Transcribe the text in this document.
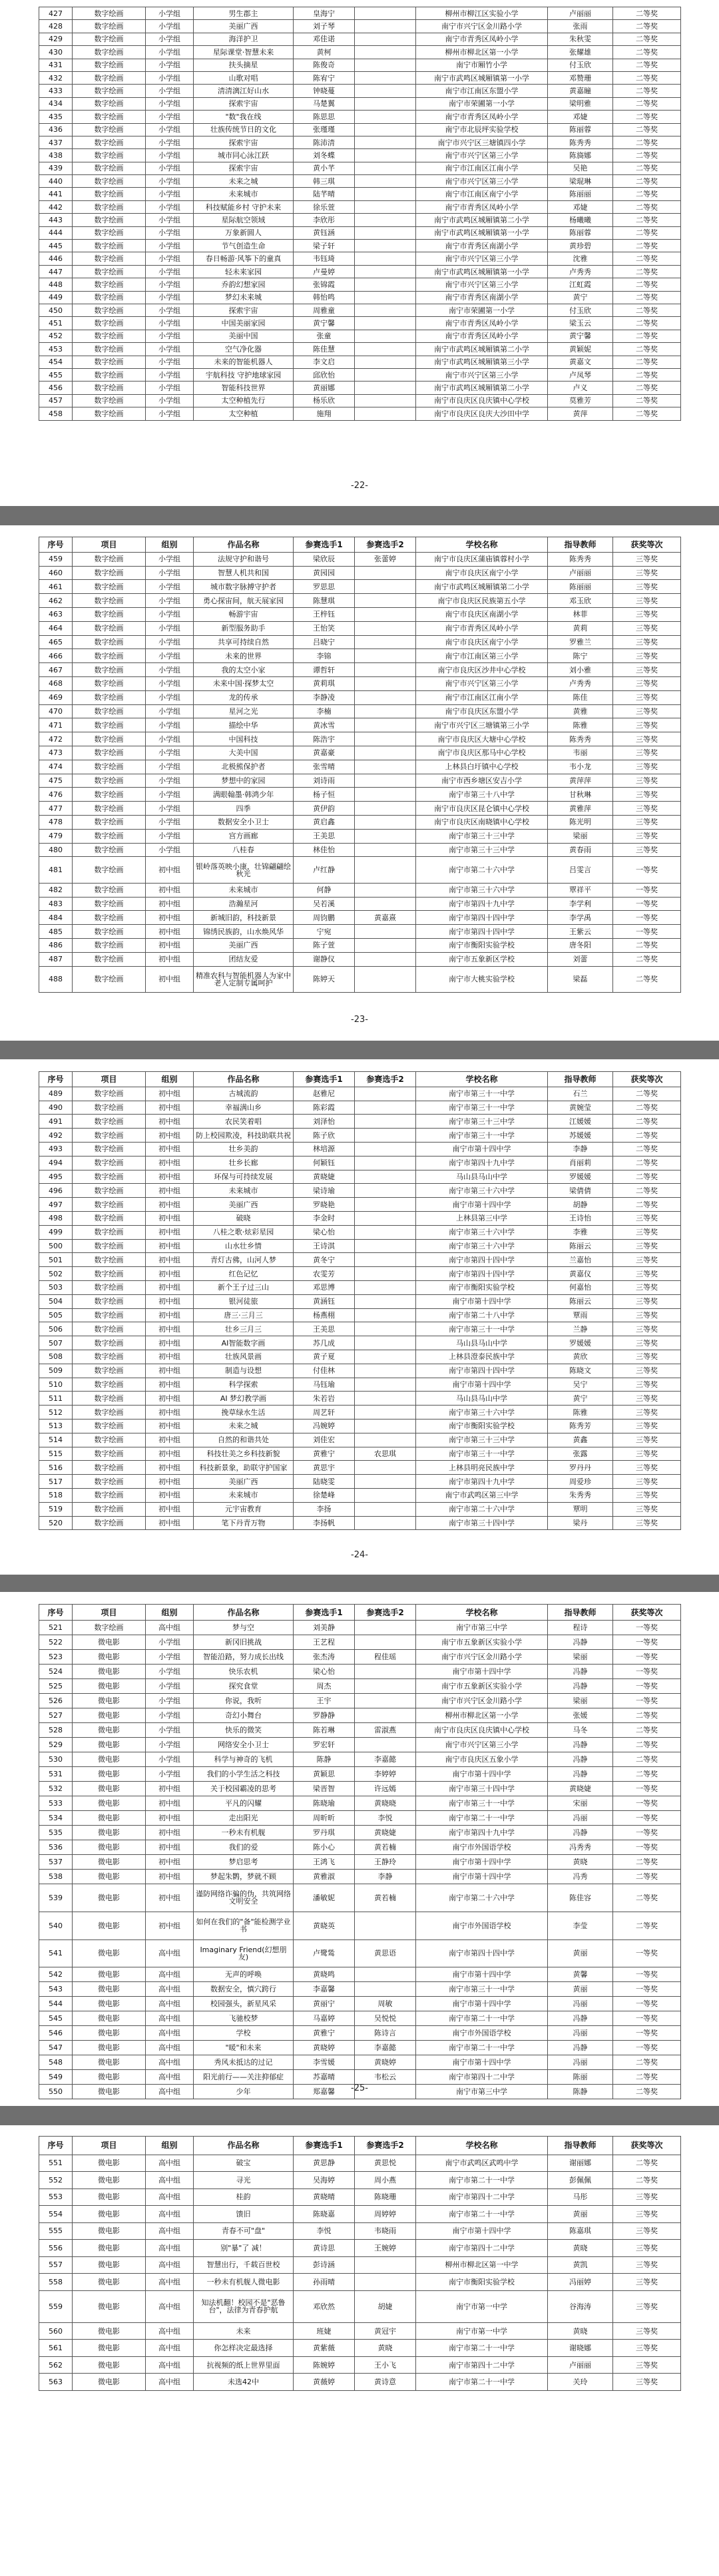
427	数字绘画	小学组	男生郡主	皇海宁		柳州市柳江区实验小学	卢丽丽	二等奖
428	数字绘画	小学组	美丽广西	刘子琴		南宁市兴宁区金川路小学	张雨	二等奖
429	数字绘画	小学组	海洋护卫	邓佳诺		南宁市青秀区凤岭小学	朱秋雯	二等奖
430	数字绘画	小学组	星际课堂·智慧未来	黄柯		柳州市柳北区第一小学	张耀雄	二等奖
431	数字绘画	小学组	扶头摘星	陈俊奇		南宁市厢竹小学	付玉欣	二等奖
432	数字绘画	小学组	山歌对唱	陈宥宁		南宁市武鸣区城厢镇第一小学	邓赞珊	二等奖
433	数字绘画	小学组	清清漓江好山水	钟晓蔓		南宁市江南区东盟小学	黄嘉瞳	二等奖
434	数字绘画	小学组	探索宇宙	马楚翼		南宁市荣圃第一小学	梁明雅	二等奖
435	数字绘画	小学组	"数"我在线	陈思思		南宁市青秀区凤岭小学	邓婕	二等奖
436	数字绘画	小学组	壮族传统节日的文化	张瑾瑾		南宁市北辰坪实验学校	陈丽蓉	二等奖
437	数字绘画	小学组	探索宇宙	陈沛清		南宁市兴宁区三塘镇四小学	陈秀秀	二等奖
438	数字绘画	小学组	城市同心泳江跃	刘冬蝶		南宁市兴宁区第三小学	陈旖娜	二等奖
439	数字绘画	小学组	探索宇宙	黄小芊		南宁市江南区江南小学	吴艳	二等奖
440	数字绘画	小学组	未来之城	韩三琪		南宁市兴宁区第三小学	梁琨琳	二等奖
441	数字绘画	小学组	未来城市	陆芊晴		南宁市江南区南宁小学	陈丽丽	二等奖
442	数字绘画	小学组	科技赋能乡村 守护未来	徐乐萱		南宁市青秀区凤岭小学	邓婕	二等奖
443	数字绘画	小学组	星际航空领域	李欣彤		南宁市武鸣区城厢镇第二小学	杨曦曦	二等奖
444	数字绘画	小学组	万象新圆人	黄钰涵		南宁市武鸣区城厢镇第一小学	陈丽蓉	二等奖
445	数字绘画	小学组	节气创造生命	梁子轩		南宁市青秀区南湖小学	黄珍碧	二等奖
446	数字绘画	小学组	春日畅游·风筝下的童真	韦钰琦		南宁市兴宁区第三小学	沈雅	二等奖
447	数字绘画	小学组	轻未来家园	卢曼婷		南宁市武鸣区城厢镇第一小学	卢秀秀	二等奖
448	数字绘画	小学组	乔韵幻想家园	张锦霞		南宁市兴宁区第三小学	江虹霞	二等奖
449	数字绘画	小学组	梦幻未来城	韩怡鸣		南宁市青秀区南湖小学	黄宁	二等奖
450	数字绘画	小学组	探索宇宙	周雅童		南宁市荣圃第一小学	付玉欣	二等奖
451	数字绘画	小学组	中国美丽家园	黄宁馨		南宁市青秀区凤岭小学	梁玉云	二等奖
452	数字绘画	小学组	美丽中国	张童		南宁市青秀区凤岭小学	黄宁馨	二等奖
453	数字绘画	小学组	空气净化器	陈佳慧		南宁市武鸣区城厢镇第二小学	黄颖妮	二等奖
454	数字绘画	小学组	未来的智能机器人	李文启		南宁市武鸣区城厢镇第三小学	黄嘉文	二等奖
455	数字绘画	小学组	宇航科技 守护地球家园	邱欣怡		南宁市兴宁区第三小学	卢凤琴	二等奖
456	数字绘画	小学组	智能科技世界	黄丽娜		南宁市武鸣区城厢镇第二小学	卢义	二等奖
457	数字绘画	小学组	太空种植先行	杨乐欣		南宁市良庆区良庆镇中心学校	莫雅芳	二等奖
458	数字绘画	小学组	太空种植	施翔		南宁市良庆区良庆大沙田中学	黄萍	二等奖
-22-
序号	项目	组别	作品名称	参赛选手1	参赛选手2	学校名称	指导教师	获奖等次
459	数字绘画	小学组	法规守护和谐号	梁欣辰	张蕾婷	南宁市良庆区蒲庙镇蓉村小学	陈秀秀	三等奖
460	数字绘画	小学组	智慧人机共和国	黄园园		南宁市良庆区南宁小学	卢丽丽	三等奖
461	数字绘画	小学组	城市数字脉搏守护者	罗思思		南宁市武鸣区城厢镇第二小学	陈丽丽	三等奖
462	数字绘画	小学组	勇心探宙间，航天展家园	陈慧琪		南宁市良庆区民族第五小学	邓玉欣	三等奖
463	数字绘画	小学组	畅游宇宙	王梓钰		南宁市良庆区南湖小学	林菲	三等奖
464	数字绘画	小学组	新型服务助手	王怡笑		南宁市青秀区凤岭小学	黄莉	三等奖
465	数字绘画	小学组	共享可持续自然	吕晓宁		南宁市良庆区南宁小学	罗雅兰	三等奖
466	数字绘画	小学组	未来的世界	李锦		南宁市江南区第三小学	陈宁	三等奖
467	数字绘画	小学组	我的太空小家	谭哲轩		南宁市良庆区沙井中心学校	刘小雅	三等奖
468	数字绘画	小学组	未来中国·探梦太空	黄莉琪		南宁市兴宁区第三小学	卢秀秀	三等奖
469	数字绘画	小学组	龙的传承	李静凌		南宁市江南区江南小学	陈佳	三等奖
470	数字绘画	小学组	星河之光	李楠		南宁市良庆区东盟小学	黄雅	三等奖
471	数字绘画	小学组	描绘中华	黄冰雪		南宁市兴宁区三塘镇第三小学	陈雅	三等奖
472	数字绘画	小学组	中国科技	陈浩宇		南宁市良庆区大塘中心学校	陈秀秀	三等奖
473	数字绘画	小学组	大美中国	黄嘉豪		南宁市良庆区那马中心学校	韦丽	三等奖
474	数字绘画	小学组	北极熊保护者	张雪晴		上林县白圩镇中心学校	韦小龙	三等奖
475	数字绘画	小学组	梦想中的家园	刘诗雨		南宁市西乡塘区安吉小学	黄萍萍	三等奖
476	数字绘画	小学组	满眼翰墨·韩鸿少年	杨子恒		南宁市第三十八中学	甘秋琳	三等奖
477	数字绘画	小学组	四季	黄伊韵		南宁市良庆区昆仑镇中心学校	黄雅萍	三等奖
478	数字绘画	小学组	数据安全小卫士	黄启鑫		南宁市良庆区南晓镇中心学校	陈光明	三等奖
479	数字绘画	小学组	宫方画廊	王美思		南宁市第三十三中学	梁丽	三等奖
480	数字绘画	小学组	八桂春	林佳怡		南宁市第三十三中学	黄春雨	三等奖
481	数字绘画	初中组	银岭落英映小康，壮锦翩翩绘秋光	卢红静		南宁市第二十六中学	吕雯言	一等奖
482	数字绘画	初中组	未来城市	何静		南宁市第三十六中学	覃祥平	一等奖
483	数字绘画	初中组	浩瀚星河	吴若溪		南宁市第四十九中学	李学利	一等奖
484	数字绘画	初中组	新城旧韵，科技新景	周钧鹏	黄嘉熹	南宁市第四十四中学	李学禹	一等奖
485	数字绘画	初中组	锦绣民族韵，山水焕风华	宁宛		南宁市第四十四中学	王紫云	一等奖
486	数字绘画	初中组	美丽广西	陈子萱		南宁市衡阳实验学校	唐冬阳	二等奖
487	数字绘画	初中组	团结友爱	谢静仪		南宁市五象新区学校	刘蕾	二等奖
488	数字绘画	初中组	精准农科与智能机器人为家中老人定制专属呵护	陈婷天		南宁市大桃实验学校	梁磊	二等奖
-23-
序号	项目	组别	作品名称	参赛选手1	参赛选手2	学校名称	指导教师	获奖等次
489	数字绘画	初中组	古城流韵	赵雅尼		南宁市第三十一中学	石兰	二等奖
490	数字绘画	初中组	幸福满山乡	陈彩霞		南宁市第三十一中学	黄婉莹	二等奖
491	数字绘画	初中组	农民笑着唱	刘泽怡		南宁市第三十三中学	江媛媛	二等奖
492	数字绘画	初中组	防上校园欺凌，科技助联共祝	陈子欣		南宁市第三十一中学	苏媛媛	二等奖
493	数字绘画	初中组	壮乡美韵	林培源		南宁市第十四中学	李静	二等奖
494	数字绘画	初中组	壮乡长廊	何颖钰		南宁市第四十九中学	肖丽莉	二等奖
495	数字绘画	初中组	环保与可持续发展	黄晓婕		马山县马山中学	罗媛媛	二等奖
496	数字绘画	初中组	未来城市	梁诗瑜		南宁市第三十六中学	梁倩倩	二等奖
497	数字绘画	初中组	美丽广西	罗晓艳		南宁市第十四中学	胡静	二等奖
498	数字绘画	初中组	破晓	李金时		上林县第三中学	王诗怡	三等奖
499	数字绘画	初中组	八桂之歌·炫彩星园	梁心怡		南宁市第三十六中学	李雅	三等奖
500	数字绘画	初中组	山水壮乡情	王诗淇		南宁市第三十六中学	陈丽云	三等奖
501	数字绘画	初中组	青灯古佛，山河人梦	黄冬宁		南宁市第四十四中学	兰嘉怡	三等奖
502	数字绘画	初中组	红色记忆	农雯芳		南宁市第四十四中学	黄嘉仪	三等奖
503	数字绘画	初中组	新个王子过三山	邓思博		南宁市衡阳实验学校	何嘉怡	三等奖
504	数字绘画	初中组	银河徒旅	黄涵钰		南宁市第十四中学	陈丽云	三等奖
505	数字绘画	初中组	唐三·三月三	杨燕栩		南宁市第二十八中学	覃雨	三等奖
506	数字绘画	初中组	壮乡三月三	王美思		南宁市第三十一中学	兰静	三等奖
507	数字绘画	初中组	AI智能数字画	苏几成		马山县马山中学	罗媛媛	三等奖
508	数字绘画	初中组	壮族风景画	黄子夏		上林县澄泰民族中学	黄欣	三等奖
509	数字绘画	初中组	制造与设想	付佳林		南宁市第四十四中学	陈晓文	三等奖
510	数字绘画	初中组	科学探索	马钰瑜		南宁市第十四中学	吴宁	三等奖
511	数字绘画	初中组	AI 梦幻教学画	朱若岩		马山县马山中学	黄宁	三等奖
512	数字绘画	初中组	挽草绿水生活	周艺轩		南宁市第三十六中学	陈雅	三等奖
513	数字绘画	初中组	未来之城	冯婉婷		南宁市衡阳实验学校	陈秀芳	三等奖
514	数字绘画	初中组	自然的和谐共处	刘佳宏		南宁市第三十三中学	黄鑫	三等奖
515	数字绘画	初中组	科技壮美之乡科技新貌	黄雅宁	农思琪	南宁市第三十一中学	张露	三等奖
516	数字绘画	初中组	科技新景象，助联守护国家	黄思宇		上林县明亮民族中学	罗丹丹	三等奖
517	数字绘画	初中组	美丽广西	陆晓雯		南宁市第四十九中学	周爱珍	三等奖
518	数字绘画	初中组	未来城市	徐楚峰		南宁市武鸣区第三中学	朱秀秀	三等奖
519	数字绘画	初中组	元宇宙教育	李扬		南宁市第二十六中学	覃明	三等奖
520	数字绘画	初中组	笔下丹青万物	李扬帆		南宁市第三十四中学	梁丹	三等奖
-24-
序号	项目	组别	作品名称	参赛选手1	参赛选手2	学校名称	指导教师	获奖等次
521	数字绘画	高中组	梦与空	刘美静		南宁市第三中学	程诗	一等奖
522	微电影	小学组	新冈旧挑战	王艺程		南宁市五象新区实验小学	冯静	一等奖
523	微电影	小学组	智能沿路，努力成长出线	张杰涛	程佳瑶	南宁市兴宁区金川路小学	梁丽	一等奖
524	微电影	小学组	快乐农机	梁心怡		南宁市第十四中学	冯静	一等奖
525	微电影	小学组	探究食堂	周杰		南宁市五象新区实验小学	冯静	一等奖
526	微电影	小学组	你说，我听	王宇		南宁市兴宁区金川路小学	梁丽	一等奖
527	微电影	小学组	奇幻小舞台	罗静静		柳州市柳北区第一小学	张媛	二等奖
528	微电影	小学组	快乐的微笑	陈若琳	雷淑燕	南宁市良庆区良庆镇中心学校	马冬	二等奖
529	微电影	小学组	网络安全小卫士	罗宏轩		南宁市兴宁区第三小学	冯静	二等奖
530	微电影	小学组	科学与神奇的飞机	陈静	李嘉懿	南宁市良庆区五象小学	冯静	二等奖
531	微电影	小学组	我们的小学生活之科技	黄颖思	李婷婷	南宁市第十四中学	冯静	二等奖
532	微电影	初中组	关于校园霸凌的思考	梁晋智	许远嫣	南宁市第三十四中学	黄晓婕	一等奖
533	微电影	初中组	平凡的闪耀	陈晓瑜	黄晓晓	南宁市第三十一中学	宋丽	一等奖
534	微电影	初中组	走出阳光	周昕昕	李悦	南宁市第二十一中学	冯丽	一等奖
535	微电影	初中组	一秒未有机舰	罗丹琪	黄晓婕	南宁市第四十九中学	冯静	一等奖
536	微电影	初中组	我们的爱	陈小心	黄若楠	南宁市外国语学校	冯秀秀	一等奖
537	微电影	初中组	梦启思考	王鸿飞	王静玲	南宁市第十四中学	黄晓	二等奖
538	微电影	初中组	梦起朱鹮，梦就不顾	黄雅淑	李静	南宁市第十四中学	冯秀	二等奖
539	微电影	初中组	谨防网络诈骗的伪，共筑网络文明安全	潘敏妮	黄若楠	南宁市第二十六中学	陈佳容	二等奖
540	微电影	初中组	如何在我们的"备"能检测学业书	黄晓英		南宁市外国语学校	李莹	二等奖
541	微电影	高中组	Imaginary Friend(幻想朋友)	卢鹭鸶	黄思语	南宁市第四十四中学	黄丽	一等奖
542	微电影	高中组	无声的呼唤	黄晓鸣		南宁市第十四中学	黄馨	一等奖
543	微电影	高中组	数据安全，慎穴跨行	李嘉馨		南宁市第三十一中学	黄丽	一等奖
544	微电影	高中组	校园强头，新星风采	黄丽宁	周敏	南宁市第十四中学	冯丽	一等奖
545	微电影	高中组	飞驰校梦	马嘉婷	吴悦悦	南宁市第二十一中学	冯静	一等奖
546	微电影	高中组	学校	黄雅宁	陈诗言	南宁市外国语学校	冯丽	一等奖
547	微电影	高中组	"暖"和未来	黄晓婷	李嘉懿	南宁市第二十一中学	冯静	一等奖
548	微电影	高中组	秀风未抵达的过记	李雪媛	黄晓婷	南宁市第十四中学	冯丽	二等奖
549	微电影	高中组	阳光前行——关注抑郁症	苏嘉晴	韦松云	南宁市第四十二中学	陈丽	二等奖
550	微电影	高中组	少年	郑嘉馨		南宁市第三中学	陈静	二等奖
-25-
序号	项目	组别	作品名称	参赛选手1	参赛选手2	学校名称	指导教师	获奖等次
551	微电影	高中组	破宝	黄思静	黄思悦	南宁市武鸣区武鸣中学	谢丽娜	二等奖
552	微电影	高中组	寻光	吴海婷	周小燕	南宁市第二十一中学	彭佩佩	二等奖
553	微电影	高中组	桂韵	黄晓晴	陈晓珊	南宁市第四十二中学	马彤	三等奖
554	微电影	高中组	馈旧	陈晓嘉	周婷婷	南宁市第二十一中学	黄丽	三等奖
555	微电影	高中组	青春不可"盘"	李悦	韦晓雨	南宁市第十四中学	陈嘉琪	三等奖
556	微电影	高中组	别"暴"了 减！	黄诗思	王婉婷	南宁市第四十二中学	黄晓	三等奖
557	微电影	高中组	智慧出行，千载百世校	彭诗涵		柳州市柳北区第一中学	黄凯	三等奖
558	微电影	高中组	一秒未有机舰人微电影	孙雨晴		南宁市衡阳实验学校	冯丽婷	三等奖
559	微电影	高中组	知法机翻！校园不是"恶鲁台"，法律为青春护航	邓欣然	胡婕	南宁市第一中学	谷海涛	三等奖
560	微电影	高中组	未来	班婕	黄冠宇	南宁市第一中学	黄晓	三等奖
561	微电影	高中组	你怎样决定最选择	黄紫薇	黄晓	南宁市第二十一中学	谢晓娜	三等奖
562	微电影	高中组	抗视频的纸上世界里面	陈婉婷	王小飞	南宁市第四十二中学	卢丽丽	三等奖
563	微电影	高中组	未选42中	黄薇婷	黄诗意	南宁市第二十一中学	关玲	三等奖
